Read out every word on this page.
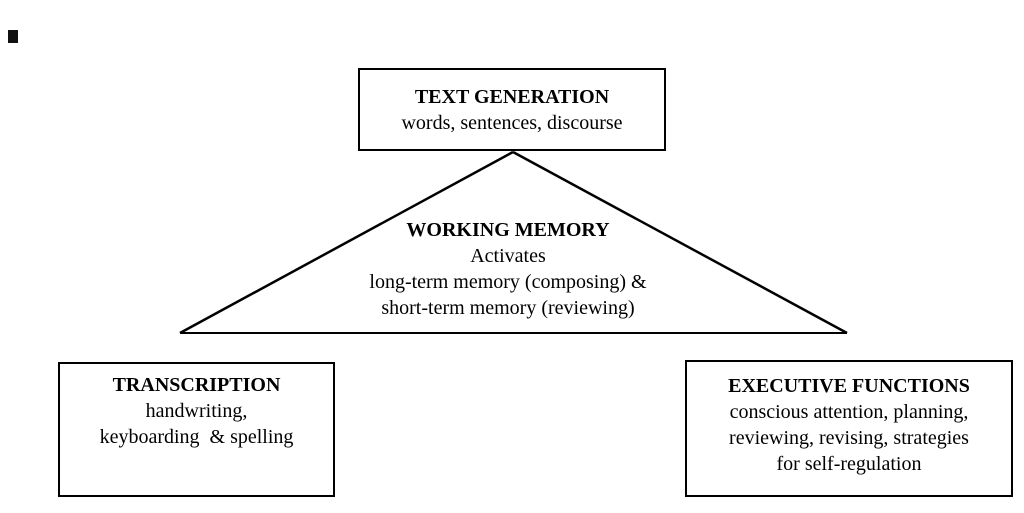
TEXT GENERATION
words, sentences, discourse
WORKING MEMORY
Activates
long-term memory (composing) &
short-term memory (reviewing)
TRANSCRIPTION
handwriting,
keyboarding  & spelling
EXECUTIVE FUNCTIONS
conscious attention, planning,
reviewing, revising, strategies
for self-regulation
